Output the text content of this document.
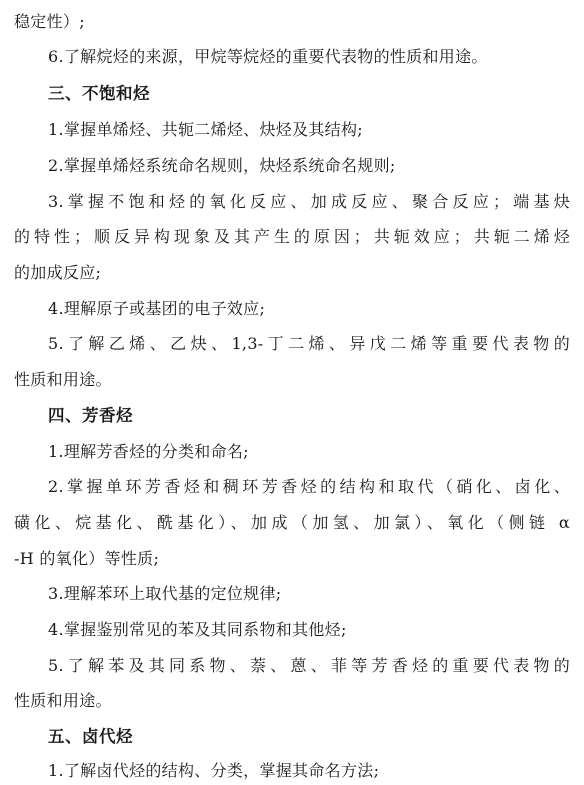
稳定性）;
6.了解烷烃的来源，甲烷等烷烃的重要代表物的性质和用途。
三、不饱和烃
1.掌握单烯烃、共轭二烯烃、炔烃及其结构;
2.掌握单烯烃系统命名规则，炔烃系统命名规则;
3.掌握不饱和烃的氧化反应、加成反应、聚合反应；端基炔
的特性；顺反异构现象及其产生的原因；共轭效应；共轭二烯烃
的加成反应;
4.理解原子或基团的电子效应;
5.了解乙烯、乙炔、1,3-丁二烯、异戊二烯等重要代表物的
性质和用途。
四、芳香烃
1.理解芳香烃的分类和命名;
2.掌握单环芳香烃和稠环芳香烃的结构和取代（硝化、卤化、
磺化、烷基化、酰基化）、加成（加氢、加氯）、氧化（侧链 α
-H 的氧化）等性质;
3.理解苯环上取代基的定位规律;
4.掌握鉴别常见的苯及其同系物和其他烃;
5.了解苯及其同系物、萘、蒽、菲等芳香烃的重要代表物的
性质和用途。
五、卤代烃
1.了解卤代烃的结构、分类，掌握其命名方法;
